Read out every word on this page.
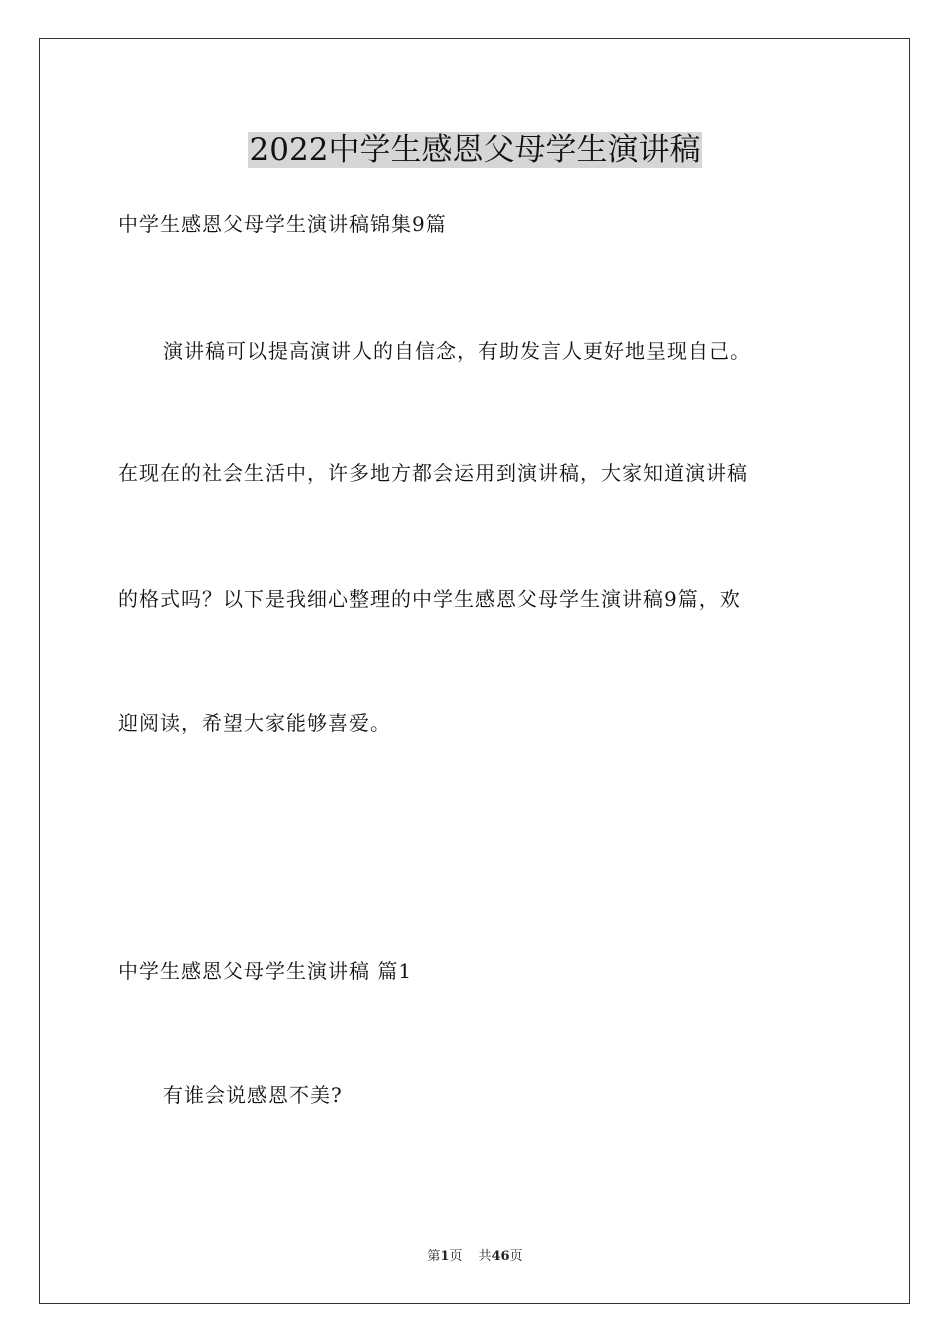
2022中学生感恩父母学生演讲稿
中学生感恩父母学生演讲稿锦集9篇
演讲稿可以提高演讲人的自信念，有助发言人更好地呈现自己。
在现在的社会生活中，许多地方都会运用到演讲稿，大家知道演讲稿
的格式吗？以下是我细心整理的中学生感恩父母学生演讲稿9篇，欢
迎阅读，希望大家能够喜爱。
中学生感恩父母学生演讲稿 篇1
有谁会说感恩不美?
第1页 共46页
